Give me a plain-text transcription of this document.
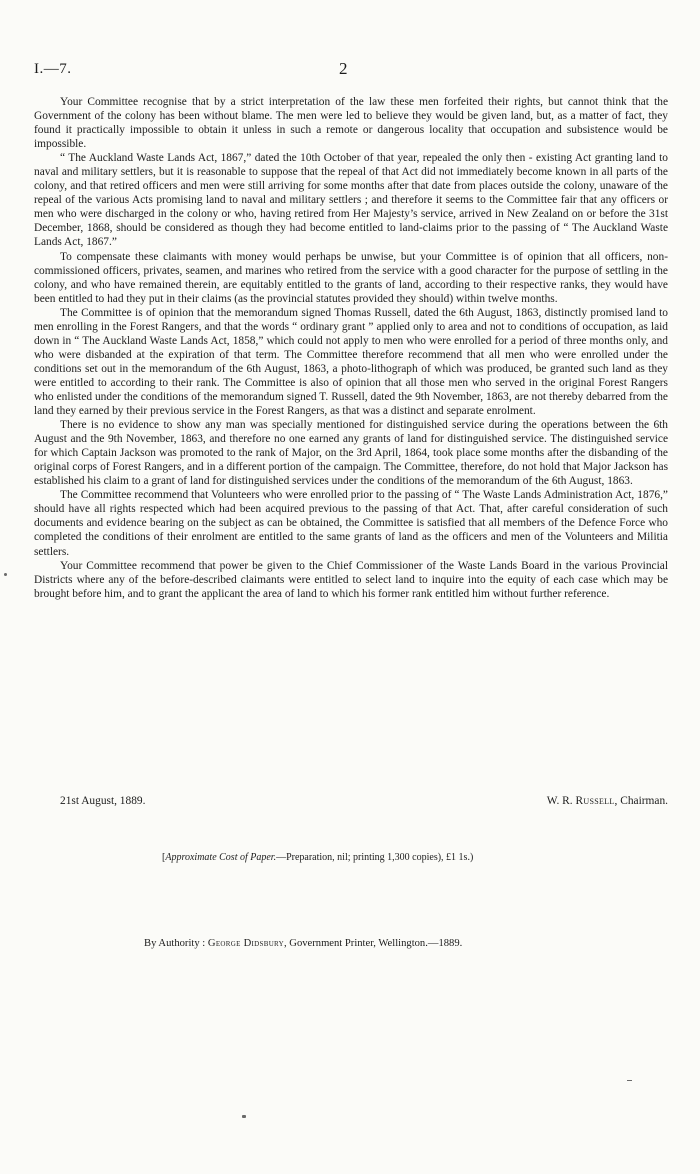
I.—7.	2

Your Committee recognise that by a strict interpretation of the law these men forfeited their rights, but cannot think that the Government of the colony has been without blame. The men were led to believe they would be given land, but, as a matter of fact, they found it practically impossible to obtain it unless in such a remote or dangerous locality that occupation and subsistence would be impossible.

“ The Auckland Waste Lands Act, 1867,” dated the 10th October of that year, repealed the only then - existing Act granting land to naval and military settlers, but it is reasonable to suppose that the repeal of that Act did not immediately become known in all parts of the colony, and that retired officers and men were still arriving for some months after that date from places outside the colony, unaware of the repeal of the various Acts promising land to naval and military settlers ; and therefore it seems to the Committee fair that any officers or men who were discharged in the colony or who, having retired from Her Majesty’s service, arrived in New Zealand on or before the 31st December, 1868, should be considered as though they had become entitled to land-claims prior to the passing of “ The Auckland Waste Lands Act, 1867.”

To compensate these claimants with money would perhaps be unwise, but your Committee is of opinion that all officers, non-commissioned officers, privates, seamen, and marines who retired from the service with a good character for the purpose of settling in the colony, and who have remained therein, are equitably entitled to the grants of land, according to their respective ranks, they would have been entitled to had they put in their claims (as the provincial statutes provided they should) within twelve months.

The Committee is of opinion that the memorandum signed Thomas Russell, dated the 6th August, 1863, distinctly promised land to men enrolling in the Forest Rangers, and that the words “ ordinary grant ” applied only to area and not to conditions of occupation, as laid down in “ The Auckland Waste Lands Act, 1858,” which could not apply to men who were enrolled for a period of three months only, and who were disbanded at the expiration of that term. The Committee therefore recommend that all men who were enrolled under the conditions set out in the memorandum of the 6th August, 1863, a photo-lithograph of which was produced, be granted such land as they were entitled to according to their rank. The Committee is also of opinion that all those men who served in the original Forest Rangers who enlisted under the conditions of the memorandum signed T. Russell, dated the 9th November, 1863, are not thereby debarred from the land they earned by their previous service in the Forest Rangers, as that was a distinct and separate enrolment.

There is no evidence to show any man was specially mentioned for distinguished service during the operations between the 6th August and the 9th November, 1863, and therefore no one earned any grants of land for distinguished service. The distinguished service for which Captain Jackson was promoted to the rank of Major, on the 3rd April, 1864, took place some months after the disbanding of the original corps of Forest Rangers, and in a different portion of the campaign. The Committee, therefore, do not hold that Major Jackson has established his claim to a grant of land for distinguished services under the conditions of the memorandum of the 6th August, 1863.

The Committee recommend that Volunteers who were enrolled prior to the passing of “ The Waste Lands Administration Act, 1876,” should have all rights respected which had been acquired previous to the passing of that Act. That, after careful consideration of such documents and evidence bearing on the subject as can be obtained, the Committee is satisfied that all members of the Defence Force who completed the conditions of their enrolment are entitled to the same grants of land as the officers and men of the Volunteers and Militia settlers.

Your Committee recommend that power be given to the Chief Commissioner of the Waste Lands Board in the various Provincial Districts where any of the before-described claimants were entitled to select land to inquire into the equity of each case which may be brought before him, and to grant the applicant the area of land to which his former rank entitled him without further reference.

21st August, 1889.	W. R. Russell, Chairman.
[Approximate Cost of Paper.—Preparation, nil; printing 1,300 copies), £1 1s.)
By Authority : George Didsbury, Government Printer, Wellington.—1889.
